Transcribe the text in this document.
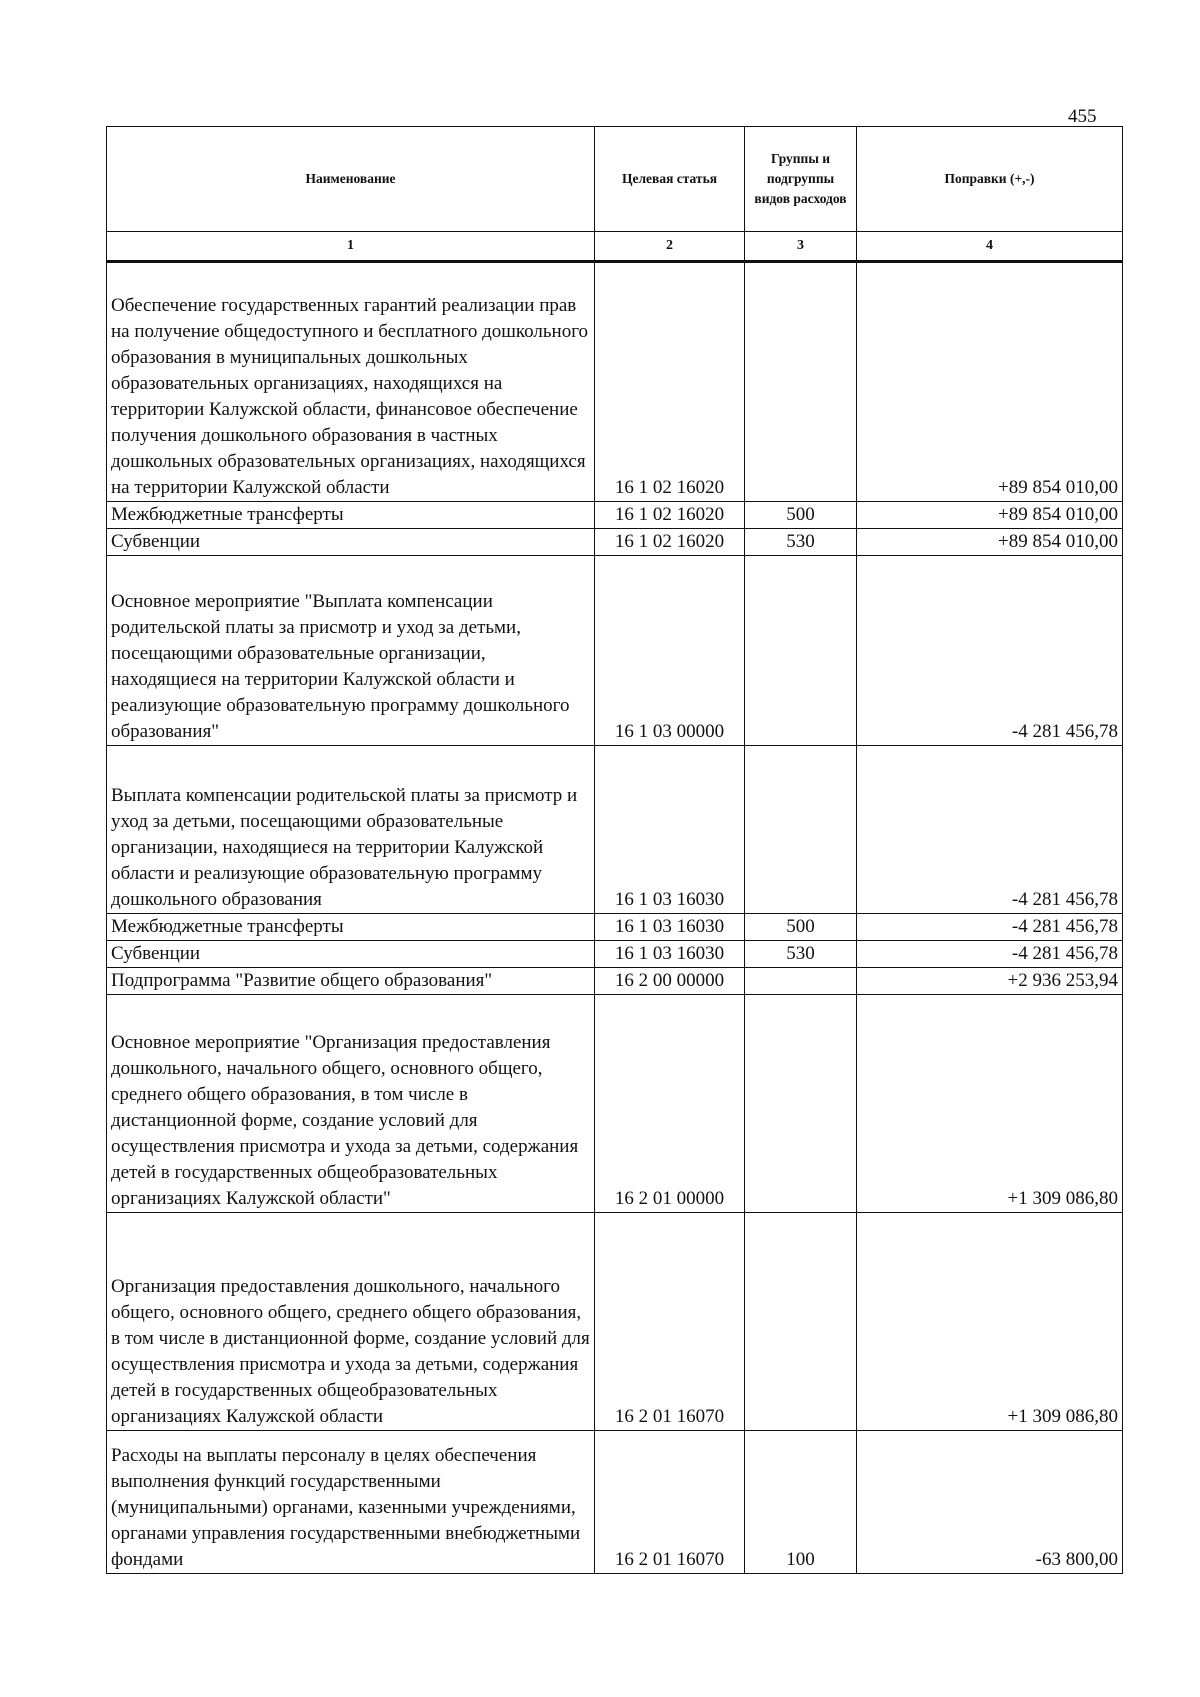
455
Наименование	Целевая статья	Группы и подгруппы видов расходов	Поправки (+,-)
1	2	3	4
Обеспечение государственных гарантий реализации прав на получение общедоступного и бесплатного дошкольного образования в муниципальных дошкольных образовательных организациях, находящихся на территории Калужской области, финансовое обеспечение получения дошкольного образования в частных дошкольных образовательных организациях, находящихся на территории Калужской области	16 1 02 16020		+89 854 010,00
Межбюджетные трансферты	16 1 02 16020	500	+89 854 010,00
Субвенции	16 1 02 16020	530	+89 854 010,00
Основное мероприятие "Выплата компенсации родительской платы за присмотр и уход за детьми, посещающими образовательные организации, находящиеся на территории Калужской области и реализующие образовательную программу дошкольного образования"	16 1 03 00000		-4 281 456,78
Выплата компенсации родительской платы за присмотр и уход за детьми, посещающими образовательные организации, находящиеся на территории Калужской области и реализующие образовательную программу дошкольного образования	16 1 03 16030		-4 281 456,78
Межбюджетные трансферты	16 1 03 16030	500	-4 281 456,78
Субвенции	16 1 03 16030	530	-4 281 456,78
Подпрограмма "Развитие общего образования"	16 2 00 00000		+2 936 253,94
Основное мероприятие "Организация предоставления дошкольного, начального общего, основного общего, среднего общего образования, в том числе в дистанционной форме, создание условий для осуществления присмотра и ухода за детьми, содержания детей в государственных общеобразовательных организациях Калужской области"	16 2 01 00000		+1 309 086,80
Организация предоставления дошкольного, начального общего, основного общего, среднего общего образования, в том числе в дистанционной форме, создание условий для осуществления присмотра и ухода за детьми, содержания детей в государственных общеобразовательных организациях Калужской области	16 2 01 16070		+1 309 086,80
Расходы на выплаты персоналу в целях обеспечения выполнения функций государственными (муниципальными) органами, казенными учреждениями, органами управления государственными внебюджетными фондами	16 2 01 16070	100	-63 800,00
